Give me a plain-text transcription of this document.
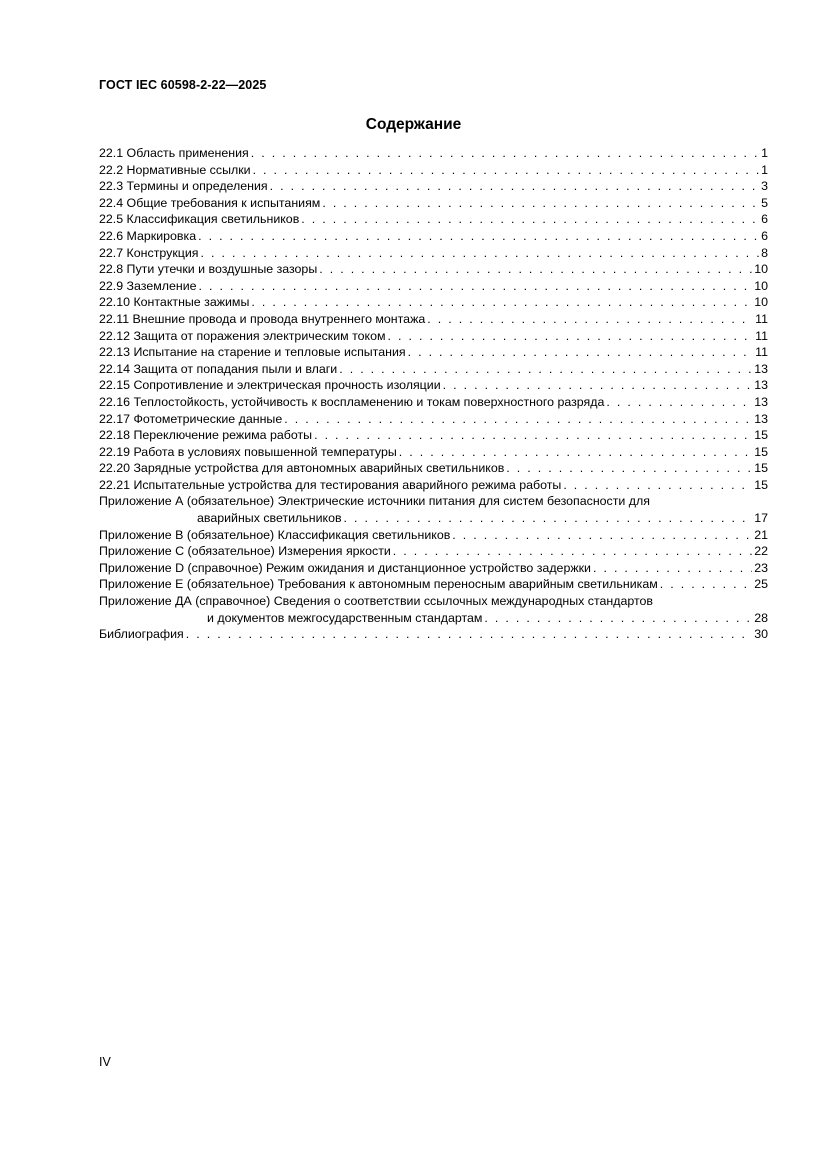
ГОСТ IEC 60598-2-22—2025
Содержание
22.1 Область применения . . .	1
22.2 Нормативные ссылки . . .	1
22.3 Термины и определения . . .	3
22.4 Общие требования к испытаниям . . .	5
22.5 Классификация светильников . . .	6
22.6 Маркировка . . .	6
22.7 Конструкция . . .	8
22.8 Пути утечки и воздушные зазоры . . .	10
22.9 Заземление . . .	10
22.10 Контактные зажимы . . .	10
22.11 Внешние провода и провода внутреннего монтажа . . .	11
22.12 Защита от поражения электрическим током . . .	11
22.13 Испытание на старение и тепловые испытания . . .	11
22.14 Защита от попадания пыли и влаги . . .	13
22.15 Сопротивление и электрическая прочность изоляции . . .	13
22.16 Теплостойкость, устойчивость к воспламенению и токам поверхностного разряда . . .	13
22.17 Фотометрические данные . . .	13
22.18 Переключение режима работы . . .	15
22.19 Работа в условиях повышенной температуры . . .	15
22.20 Зарядные устройства для автономных аварийных светильников . . .	15
22.21 Испытательные устройства для тестирования аварийного режима работы . . .	15
Приложение А (обязательное) Электрические источники питания для систем безопасности для
аварийных светильников . . .	17
Приложение В (обязательное) Классификация светильников . . .	21
Приложение С (обязательное) Измерения яркости . . .	22
Приложение D (справочное) Режим ожидания и дистанционное устройство задержки . . .	23
Приложение Е (обязательное) Требования к автономным переносным аварийным светильникам . . .	25
Приложение ДА (справочное) Сведения о соответствии ссылочных международных стандартов
и документов межгосударственным стандартам . . .	28
Библиография . . .	30
IV
